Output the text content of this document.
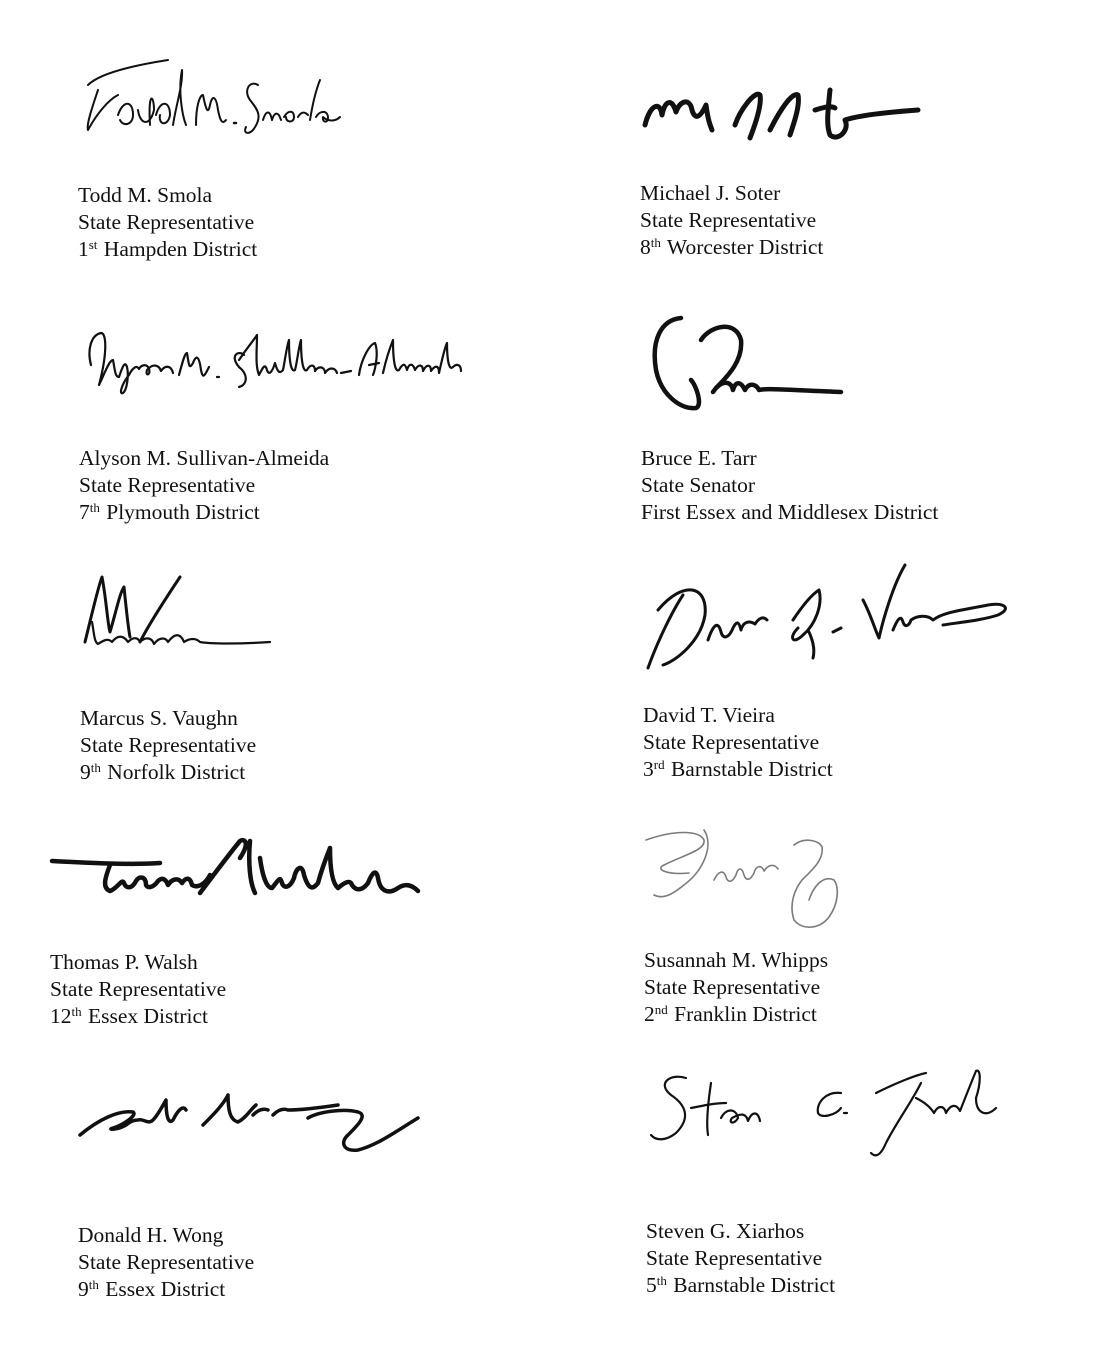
Todd M. Smola
State Representative
1st Hampden District
Michael J. Soter
State Representative
8th Worcester District
Alyson M. Sullivan-Almeida
State Representative
7th Plymouth District
Bruce E. Tarr
State Senator
First Essex and Middlesex District
Marcus S. Vaughn
State Representative
9th Norfolk District
David T. Vieira
State Representative
3rd Barnstable District
Thomas P. Walsh
State Representative
12th Essex District
Susannah M. Whipps
State Representative
2nd Franklin District
Donald H. Wong
State Representative
9th Essex District
Steven G. Xiarhos
State Representative
5th Barnstable District
